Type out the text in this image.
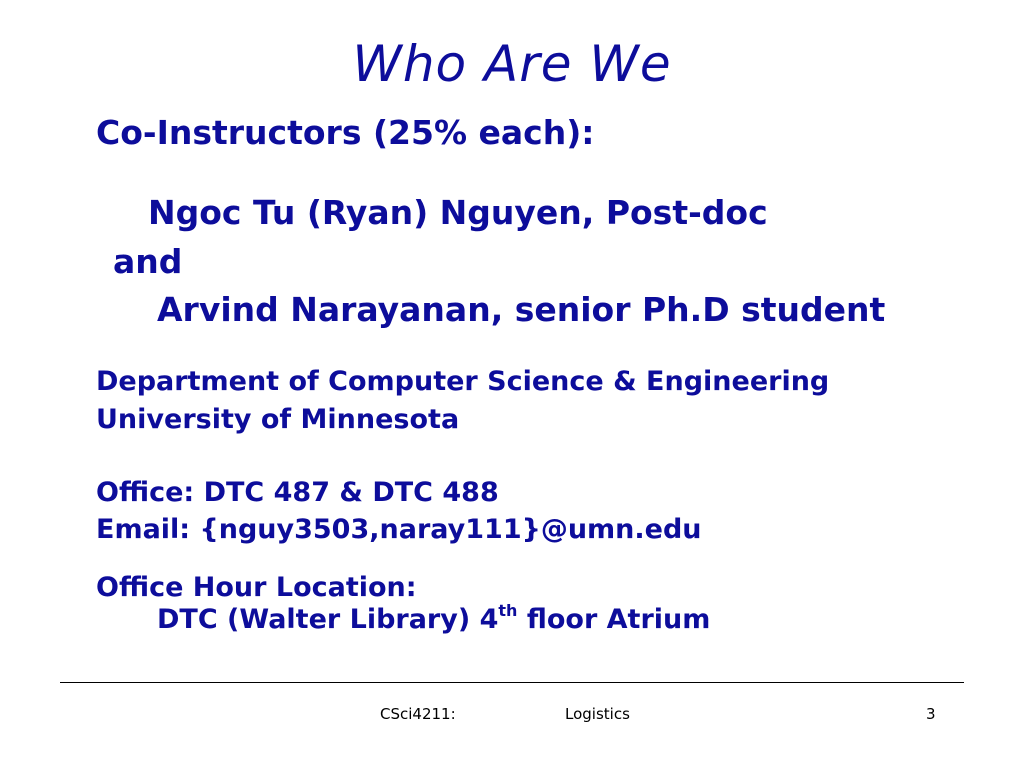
Who Are We
Co-Instructors (25% each):
Ngoc Tu (Ryan) Nguyen, Post-doc
and
Arvind Narayanan, senior Ph.D student
Department of Computer Science & Engineering
University of Minnesota
Office: DTC 487 & DTC 488
Email: {nguy3503,naray111}@umn.edu
Office Hour Location:
DTC (Walter Library) 4th floor Atrium
CSci4211:	Logistics	3
